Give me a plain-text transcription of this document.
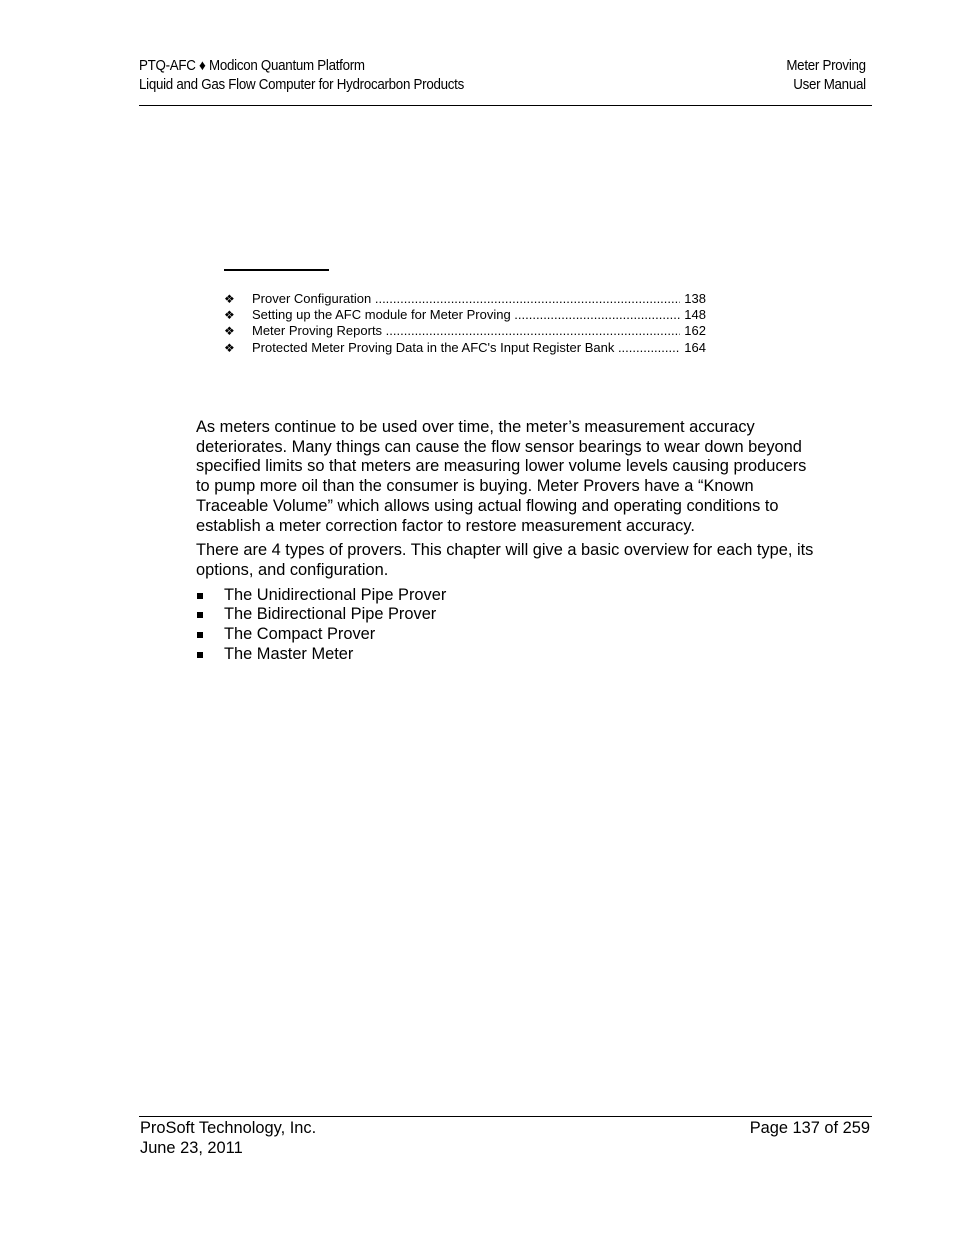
PTQ-AFC ♦ Modicon Quantum Platform
Liquid and Gas Flow Computer for Hydrocarbon Products
Meter Proving
User Manual
❖ Prover Configuration .....	138
❖ Setting up the AFC module for Meter Proving .....	148
❖ Meter Proving Reports .....	162
❖ Protected Meter Proving Data in the AFC's Input Register Bank .....	164

As meters continue to be used over time, the meter’s measurement accuracy deteriorates. Many things can cause the flow sensor bearings to wear down beyond specified limits so that meters are measuring lower volume levels causing producers to pump more oil than the consumer is buying. Meter Provers have a “Known Traceable Volume” which allows using actual flowing and operating conditions to establish a meter correction factor to restore measurement accuracy.

There are 4 types of provers. This chapter will give a basic overview for each type, its options, and configuration.

The Unidirectional Pipe Prover
The Bidirectional Pipe Prover
The Compact Prover
The Master Meter
ProSoft Technology, Inc.
June 23, 2011
Page 137 of 259
